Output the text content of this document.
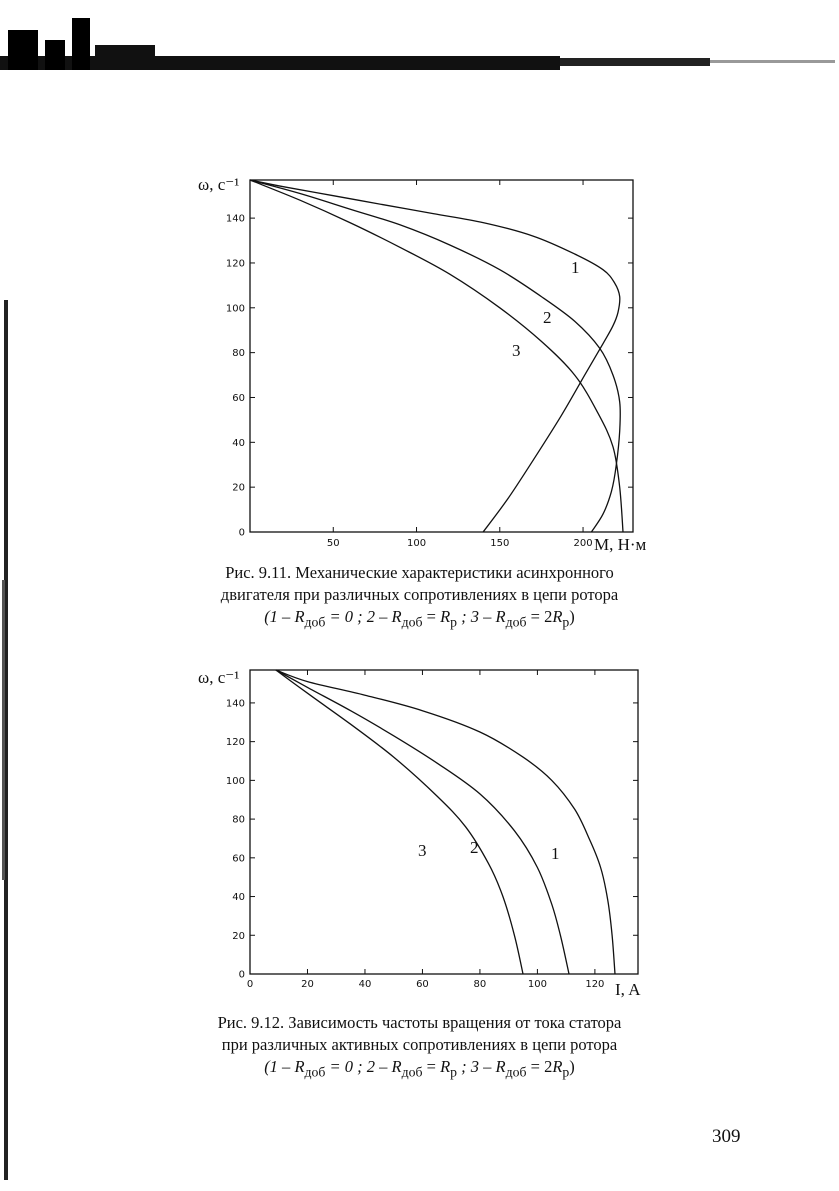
0
20
40
60
80
100
120
140
50	100	150	200
ω, с⁻¹
M, Н·м
1
2
3
Рис. 9.11. Механические характеристики асинхронного
двигателя при различных сопротивлениях в цепи ротора
($1 - R_{доб} = 0$ ; $2 - R_{доб} = R_р$ ; $3 - R_{доб} = 2R_р$)
0
20
40
60
80
100
120
140
0	20	40	60	80	100	120
ω, с⁻¹
I, A
1
2
3
Рис. 9.12. Зависимость частоты вращения от тока статора
при различных активных сопротивлениях в цепи ротора
($1 - R_{доб} = 0$ ; $2 - R_{доб} = R_р$ ; $3 - R_{доб} = 2R_р$)
309
